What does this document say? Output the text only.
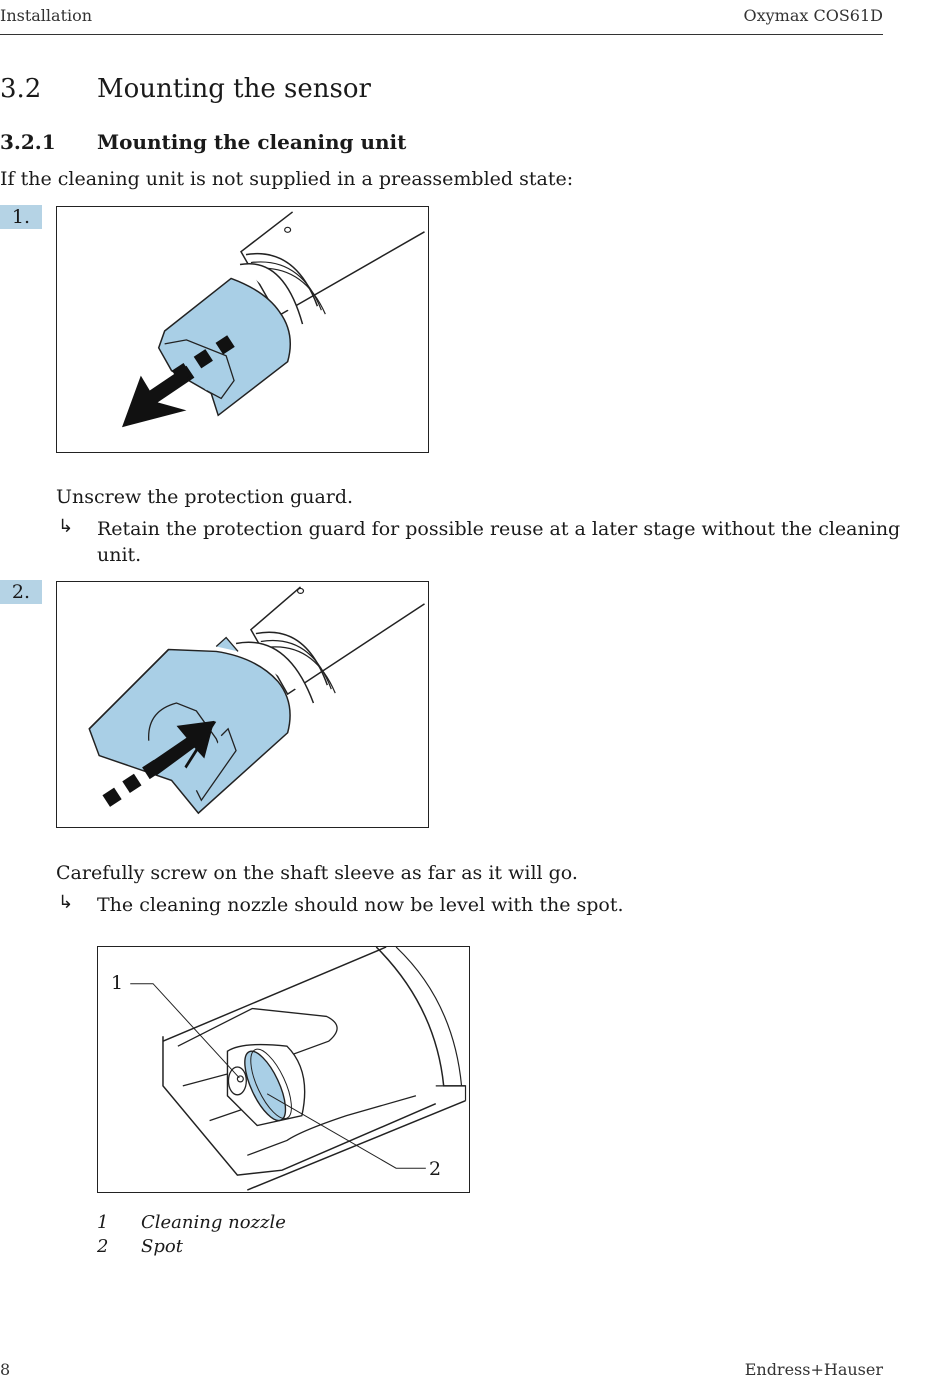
Installation	Oxymax COS61D
3.2 Mounting the sensor
3.2.1 Mounting the cleaning unit
If the cleaning unit is not supplied in a preassembled state:
1.
Unscrew the protection guard.
↳ Retain the protection guard for possible reuse at a later stage without the cleaning
unit.
2.
Carefully screw on the shaft sleeve as far as it will go.
↳ The cleaning nozzle should now be level with the spot.
1
2
1 Cleaning nozzle
2 Spot
8	Endress+Hauser
